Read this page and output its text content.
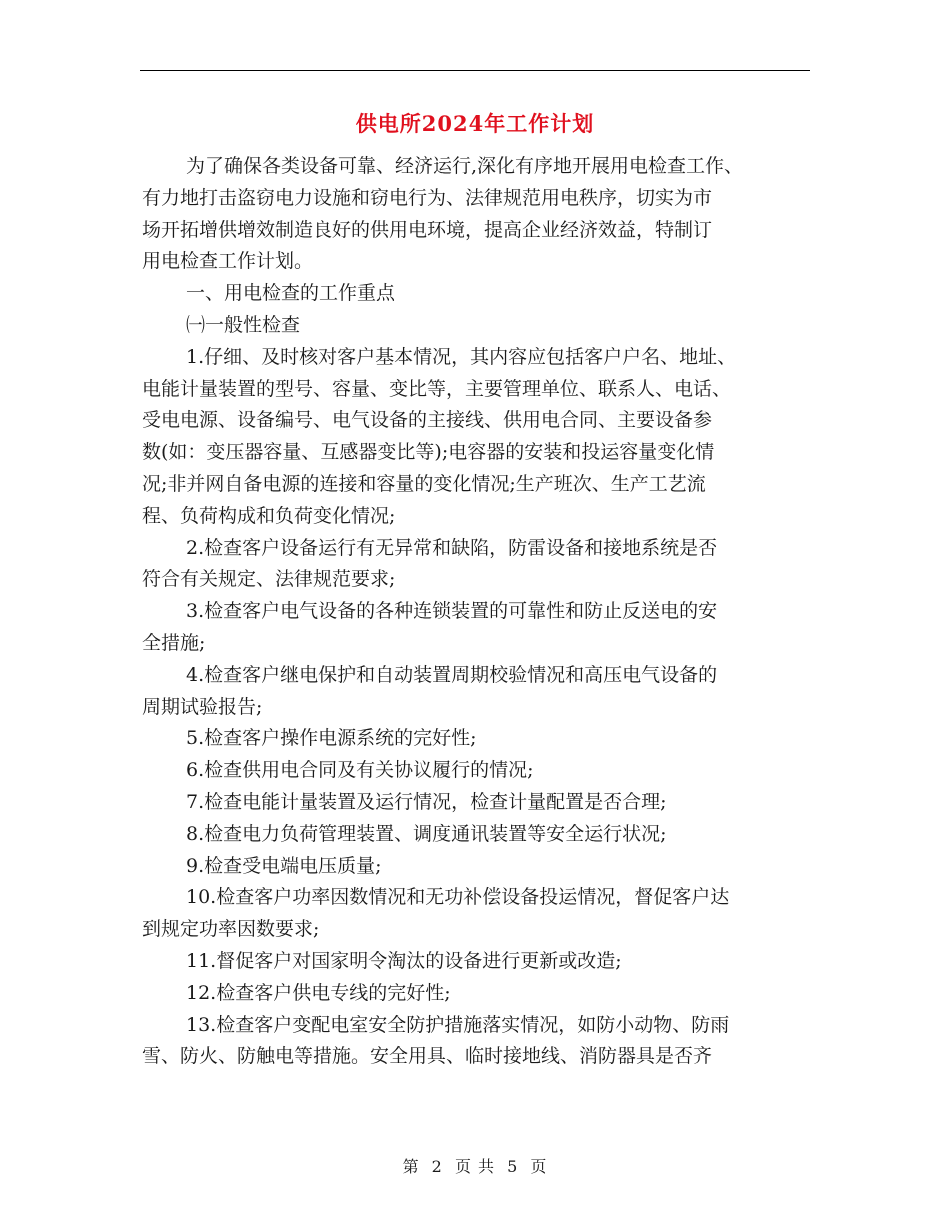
供电所2024年工作计划
为了确保各类设备可靠、经济运行,深化有序地开展用电检查工作、
有力地打击盗窃电力设施和窃电行为、法律规范用电秩序，切实为市
场开拓增供增效制造良好的供用电环境，提高企业经济效益，特制订
用电检查工作计划。
一、用电检查的工作重点
㈠一般性检查
1.仔细、及时核对客户基本情况，其内容应包括客户户名、地址、
电能计量装置的型号、容量、变比等，主要管理单位、联系人、电话、
受电电源、设备编号、电气设备的主接线、供用电合同、主要设备参
数(如：变压器容量、互感器变比等);电容器的安装和投运容量变化情
况;非并网自备电源的连接和容量的变化情况;生产班次、生产工艺流
程、负荷构成和负荷变化情况;
2.检查客户设备运行有无异常和缺陷，防雷设备和接地系统是否
符合有关规定、法律规范要求;
3.检查客户电气设备的各种连锁装置的可靠性和防止反送电的安
全措施;
4.检查客户继电保护和自动装置周期校验情况和高压电气设备的
周期试验报告;
5.检查客户操作电源系统的完好性;
6.检查供用电合同及有关协议履行的情况;
7.检查电能计量装置及运行情况，检查计量配置是否合理;
8.检查电力负荷管理装置、调度通讯装置等安全运行状况;
9.检查受电端电压质量;
10.检查客户功率因数情况和无功补偿设备投运情况，督促客户达
到规定功率因数要求;
11.督促客户对国家明令淘汰的设备进行更新或改造;
12.检查客户供电专线的完好性;
13.检查客户变配电室安全防护措施落实情况，如防小动物、防雨
雪、防火、防触电等措施。安全用具、临时接地线、消防器具是否齐
第 2 页 共 5 页
